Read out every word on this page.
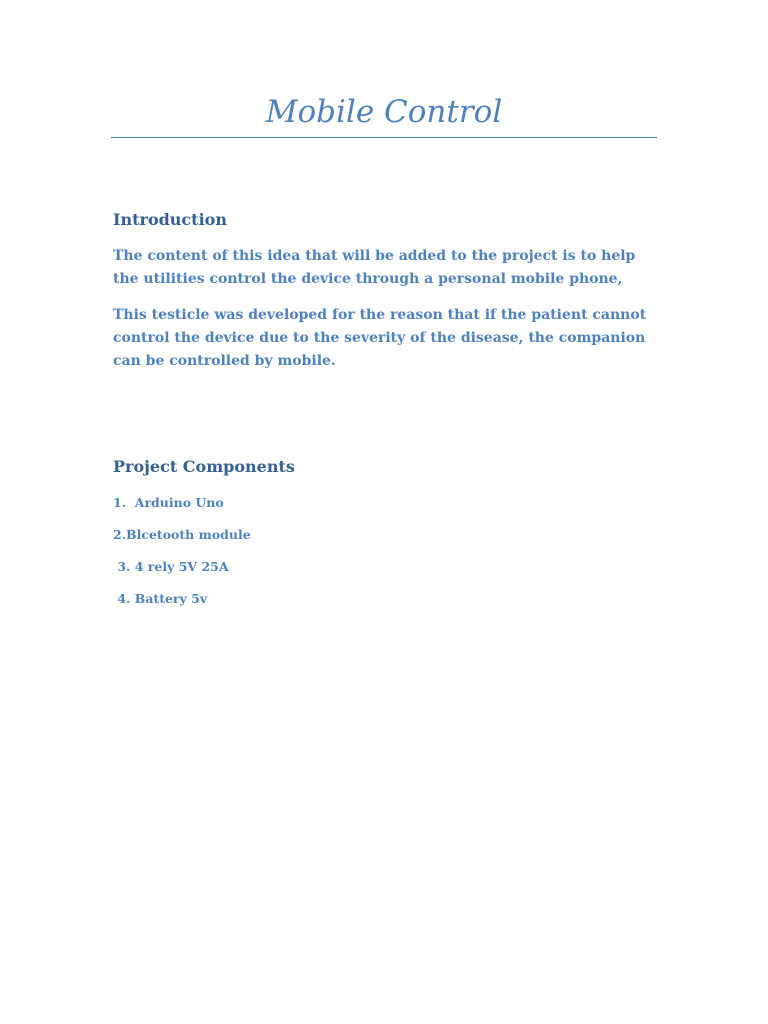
Mobile Control
Introduction

The content of this idea that will be added to the project is to help the utilities control the device through a personal mobile phone,

This testicle was developed for the reason that if the patient cannot control the device due to the severity of the disease, the companion can be controlled by mobile.

Project Components

1.  Arduino Uno

2.Blcetooth module

3. 4 rely 5V 25A

4. Battery 5v
